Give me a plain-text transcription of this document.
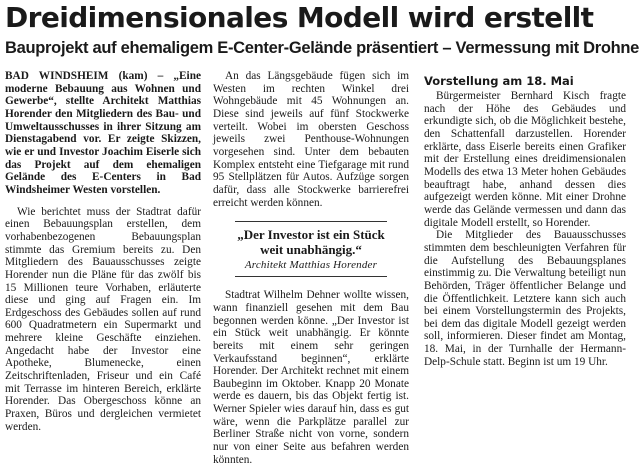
Dreidimensionales Modell wird erstellt
Bauprojekt auf ehemaligem E-Center-Gelände präsentiert – Vermessung mit Drohne

BAD WINDSHEIM (kam) – „Eine moderne Bebauung aus Wohnen und Gewerbe“, stellte Architekt Matthias Horender den Mitgliedern des Bau- und Umweltausschusses in ihrer Sitzung am Dienstagabend vor. Er zeigte Skizzen, wie er und Investor Joachim Eiserle sich das Projekt auf dem ehemaligen Gelände des E-Centers in Bad Windsheimer Westen vorstellen.

Wie berichtet muss der Stadtrat dafür einen Bebauungsplan erstellen, dem vorhabenbezogenen Bebauungsplan stimmte das Gremium bereits zu. Den Mitgliedern des Bauausschusses zeigte Horender nun die Pläne für das zwölf bis 15 Millionen teure Vorhaben, erläuterte diese und ging auf Fragen ein. Im Erdgeschoss des Gebäudes sollen auf rund 600 Quadratmetern ein Supermarkt und mehrere kleine Geschäfte einziehen. Angedacht habe der Investor eine Apotheke, Blumenecke, einen Zeitschriftenladen, Friseur und ein Café mit Terrasse im hinteren Bereich, erklärte Horender. Das Obergeschoss könne an Praxen, Büros und dergleichen vermietet werden.

An das Längsgebäude fügen sich im Westen im rechten Winkel drei Wohngebäude mit 45 Wohnungen an. Diese sind jeweils auf fünf Stockwerke verteilt. Wobei im obersten Geschoss jeweils zwei Penthouse-Wohnungen vorgesehen sind. Unter dem bebauten Komplex entsteht eine Tiefgarage mit rund 95 Stellplätzen für Autos. Aufzüge sorgen dafür, dass alle Stockwerke barrierefrei erreicht werden können.

„Der Investor ist ein Stück weit unabhängig.“
Architekt Matthias Horender

Stadtrat Wilhelm Dehner wollte wissen, wann finanziell gesehen mit dem Bau begonnen werden könne. „Der Investor ist ein Stück weit unabhängig. Er könnte bereits mit einem sehr geringen Verkaufsstand beginnen“, erklärte Horender. Der Architekt rechnet mit einem Baubeginn im Oktober. Knapp 20 Monate werde es dauern, bis das Objekt fertig ist. Werner Spieler wies darauf hin, dass es gut wäre, wenn die Parkplätze parallel zur Berliner Straße nicht von vorne, sondern nur von einer Seite aus befahren werden könnten.

Vorstellung am 18. Mai

Bürgermeister Bernhard Kisch fragte nach der Höhe des Gebäudes und erkundigte sich, ob die Möglichkeit bestehe, den Schattenfall darzustellen. Horender erklärte, dass Eiserle bereits einen Grafiker mit der Erstellung eines dreidimensionalen Modells des etwa 13 Meter hohen Gebäudes beauftragt habe, anhand dessen dies aufgezeigt werden könne. Mit einer Drohne werde das Gelände vermessen und dann das digitale Modell erstellt, so Horender.

Die Mitglieder des Bauausschusses stimmten dem beschleunigten Verfahren für die Aufstellung des Bebauungsplanes einstimmig zu. Die Verwaltung beteiligt nun Behörden, Träger öffentlicher Belange und die Öffentlichkeit. Letztere kann sich auch bei einem Vorstellungstermin des Projekts, bei dem das digitale Modell gezeigt werden soll, informieren. Dieser findet am Montag, 18. Mai, in der Turnhalle der Hermann-Delp-Schule statt. Beginn ist um 19 Uhr.
